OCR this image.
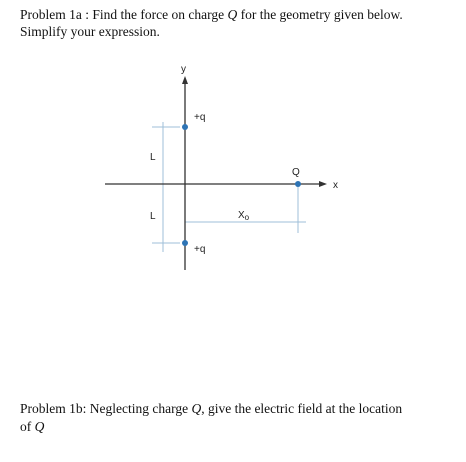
Problem 1a : Find the force on charge Q for the geometry given below.

Simplify your expression.

y
x
+q
+q
Q
L
L	$X_o$

Problem 1b: Neglecting charge Q, give the electric field at the location

of Q
